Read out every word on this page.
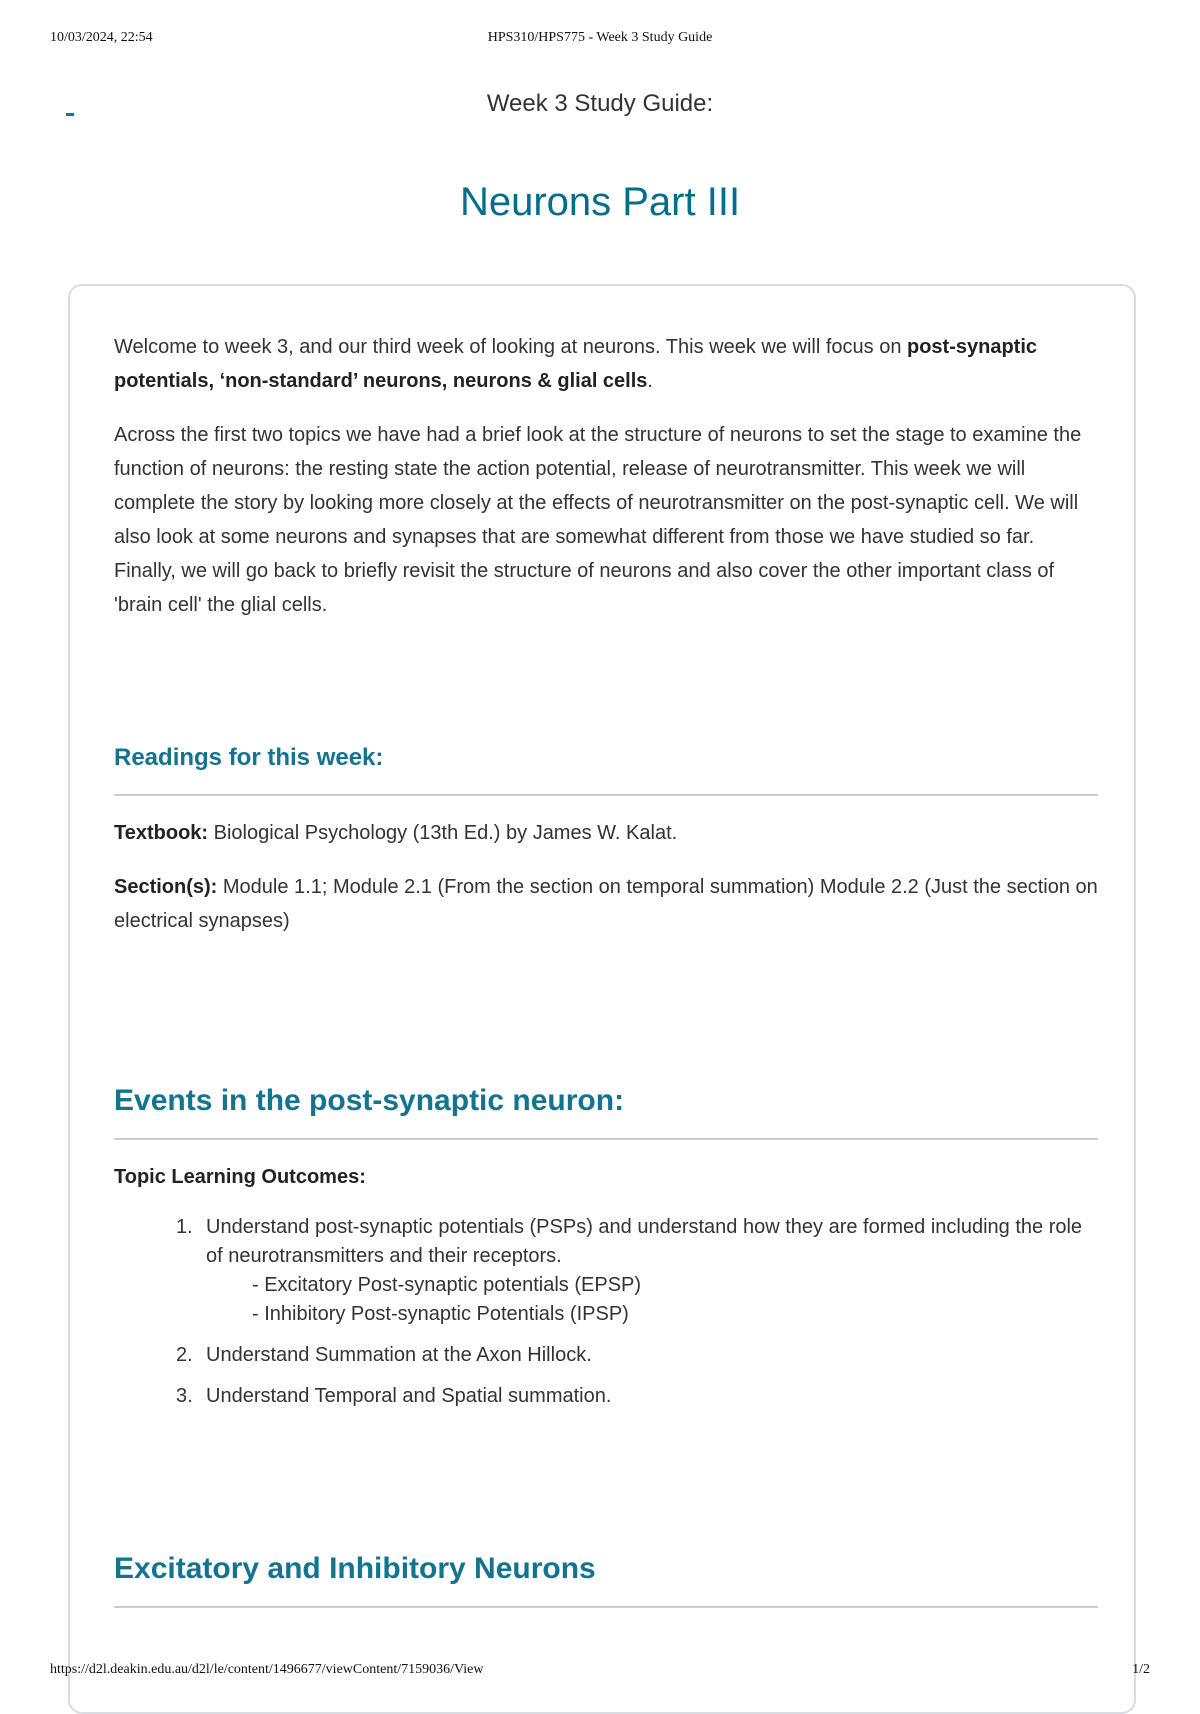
10/03/2024, 22:54	HPS310/HPS775 - Week 3 Study Guide
Week 3 Study Guide:
Neurons Part III

Welcome to week 3, and our third week of looking at neurons. This week we will focus on post-synaptic potentials, ‘non-standard’ neurons, neurons & glial cells.

Across the first two topics we have had a brief look at the structure of neurons to set the stage to examine the function of neurons: the resting state the action potential, release of neurotransmitter. This week we will complete the story by looking more closely at the effects of neurotransmitter on the post-synaptic cell. We will also look at some neurons and synapses that are somewhat different from those we have studied so far. Finally, we will go back to briefly revisit the structure of neurons and also cover the other important class of 'brain cell' the glial cells.

Readings for this week:

Textbook: Biological Psychology (13th Ed.) by James W. Kalat.

Section(s): Module 1.1; Module 2.1 (From the section on temporal summation) Module 2.2 (Just the section on electrical synapses)

Events in the post-synaptic neuron:
Topic Learning Outcomes:
1. Understand post-synaptic potentials (PSPs) and understand how they are formed including the role of neurotransmitters and their receptors.
- Excitatory Post-synaptic potentials (EPSP)
- Inhibitory Post-synaptic Potentials (IPSP)
2. Understand Summation at the Axon Hillock.
3. Understand Temporal and Spatial summation.
Excitatory and Inhibitory Neurons
https://d2l.deakin.edu.au/d2l/le/content/1496677/viewContent/7159036/View	1/2
